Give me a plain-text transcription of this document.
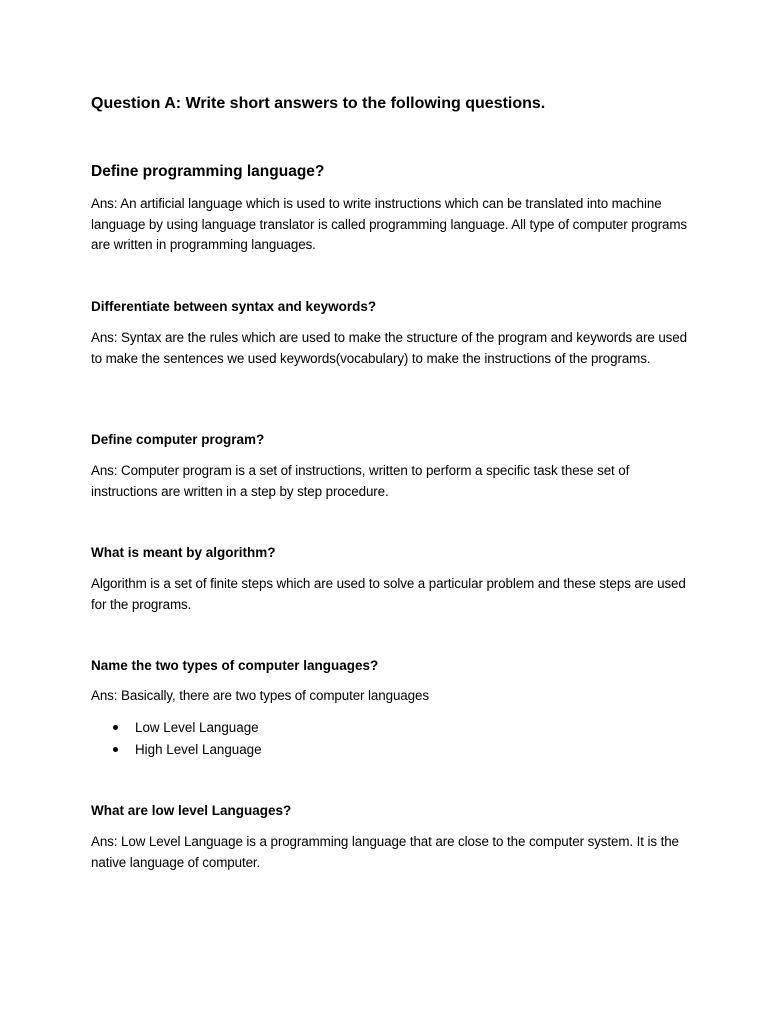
Question A: Write short answers to the following questions.

Define programming language?

Ans: An artificial language which is used to write instructions which can be translated into machine language by using language translator is called programming language. All type of computer programs are written in programming languages.

Differentiate between syntax and keywords?

Ans: Syntax are the rules which are used to make the structure of the program and keywords are used to make the sentences we used keywords(vocabulary) to make the instructions of the programs.

Define computer program?

Ans: Computer program is a set of instructions, written to perform a specific task these set of instructions are written in a step by step procedure.

What is meant by algorithm?

Algorithm is a set of finite steps which are used to solve a particular problem and these steps are used for the programs.

Name the two types of computer languages?

Ans: Basically, there are two types of computer languages

Low Level Language
High Level Language

What are low level Languages?

Ans: Low Level Language is a programming language that are close to the computer system. It is the native language of computer.
